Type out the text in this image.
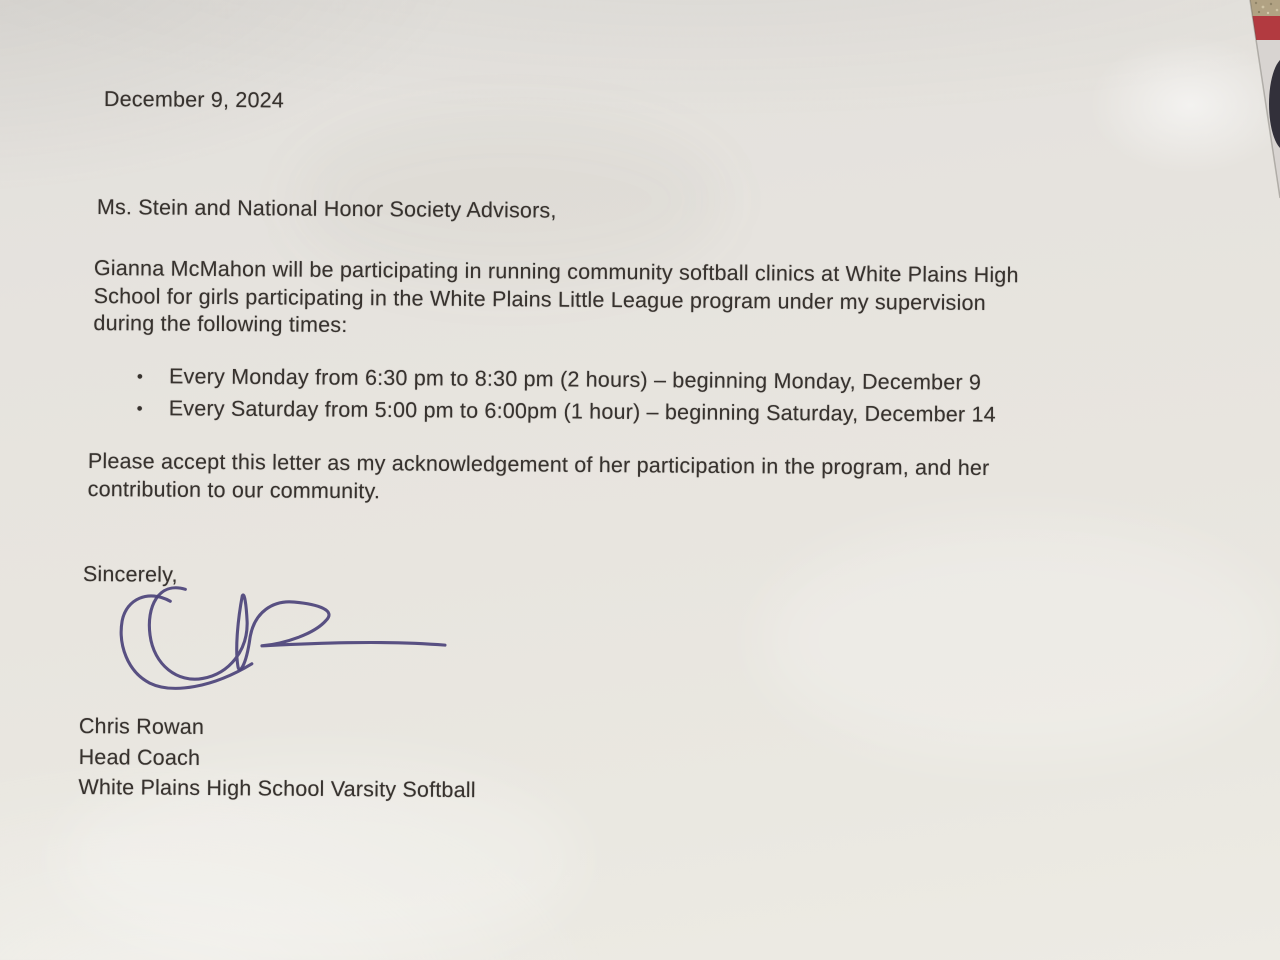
December 9, 2024
Ms. Stein and National Honor Society Advisors,
Gianna McMahon will be participating in running community softball clinics at White Plains High
School for girls participating in the White Plains Little League program under my supervision
during the following times:
• Every Monday from 6:30 pm to 8:30 pm (2 hours) – beginning Monday, December 9
• Every Saturday from 5:00 pm to 6:00pm (1 hour) – beginning Saturday, December 14
Please accept this letter as my acknowledgement of her participation in the program, and her
contribution to our community.
Sincerely,
Chris Rowan
Head Coach
White Plains High School Varsity Softball
